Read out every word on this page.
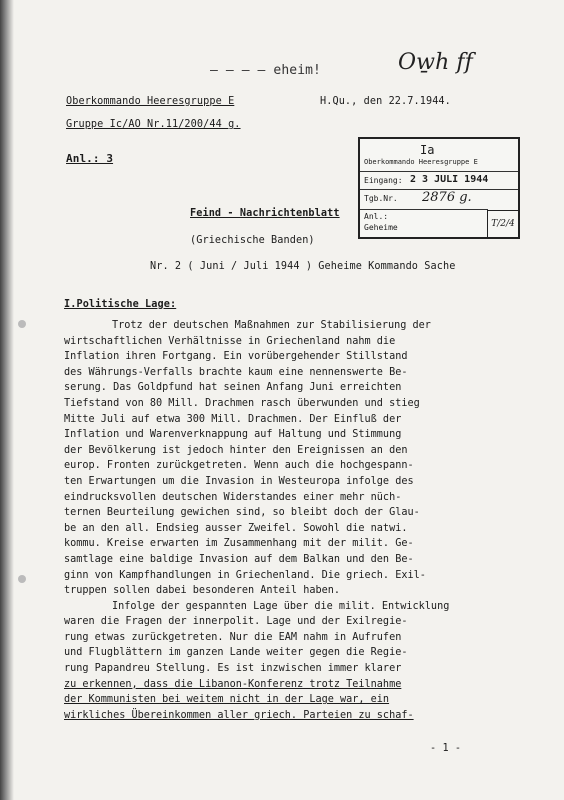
— — — — eheim!	Ow̱h ff
Oberkommando Heeresgruppe E	H.Qu., den 22.7.1944.
Gruppe Ic/AO Nr.11/200/44 g.
Anl.: 3
Ia
Oberkommando Heeresgruppe E
Eingang: 2 3 JULI 1944
Tgb.Nr. 2876 g.
Anl.:
Geheime	T/2/4
Feind - Nachrichtenblatt
(Griechische Banden)
Nr. 2 ( Juni / Juli 1944 ) Geheime Kommando Sache
I.Politische Lage:
Trotz der deutschen Maßnahmen zur Stabilisierung der
wirtschaftlichen Verhältnisse in Griechenland nahm die
Inflation ihren Fortgang. Ein vorübergehender Stillstand
des Währungs-Verfalls brachte kaum eine nennenswerte Be-
serung. Das Goldpfund hat seinen Anfang Juni erreichten
Tiefstand von 80 Mill. Drachmen rasch überwunden und stieg
Mitte Juli auf etwa 300 Mill. Drachmen. Der Einfluß der
Inflation und Warenverknappung auf Haltung und Stimmung
der Bevölkerung ist jedoch hinter den Ereignissen an den
europ. Fronten zurückgetreten. Wenn auch die hochgespann-
ten Erwartungen um die Invasion in Westeuropa infolge des
eindrucksvollen deutschen Widerstandes einer mehr nüch-
ternen Beurteilung gewichen sind, so bleibt doch der Glau-
be an den all. Endsieg ausser Zweifel. Sowohl die natwi.
kommu. Kreise erwarten im Zusammenhang mit der milit. Ge-
samtlage eine baldige Invasion auf dem Balkan und den Be-
ginn von Kampfhandlungen in Griechenland. Die griech. Exil-
truppen sollen dabei besonderen Anteil haben.
Infolge der gespannten Lage über die milit. Entwicklung
waren die Fragen der innerpolit. Lage und der Exilregie-
rung etwas zurückgetreten. Nur die EAM nahm in Aufrufen
und Flugblättern im ganzen Lande weiter gegen die Regie-
rung Papandreu Stellung. Es ist inzwischen immer klarer
zu erkennen, dass die Libanon-Konferenz trotz Teilnahme
der Kommunisten bei weitem nicht in der Lage war, ein
wirkliches Übereinkommen aller griech. Parteien zu schaf-
- 1 -
